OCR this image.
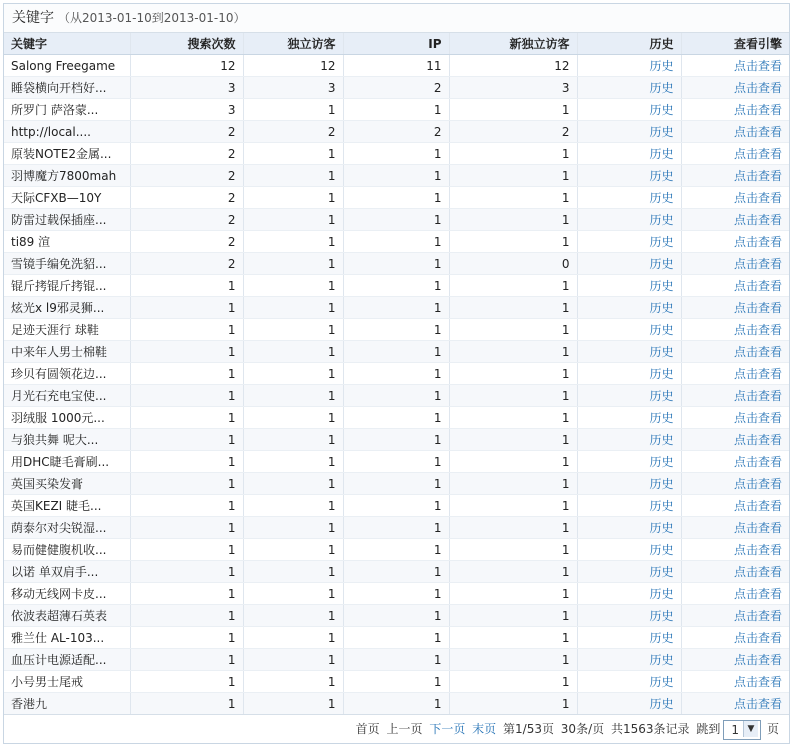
关键字 （从2013-01-10到2013-01-10）
关键字	搜索次数	独立访客	IP	新独立访客	历史	查看引擎
Salong Freegame	12	12	11	12	历史	点击查看
睡袋横向开档好...	3	3	2	3	历史	点击查看
所罗门 萨洛蒙...	3	1	1	1	历史	点击查看
http://local....	2	2	2	2	历史	点击查看
原装NOTE2金属...	2	1	1	1	历史	点击查看
羽博魔方7800mah	2	1	1	1	历史	点击查看
天际CFXB—10Y	2	1	1	1	历史	点击查看
防雷过载保插座...	2	1	1	1	历史	点击查看
ti89 渲	2	1	1	1	历史	点击查看
雪镜手编免洗貂...	2	1	1	0	历史	点击查看
锟斤拷锟斤拷锟...	1	1	1	1	历史	点击查看
炫光x l9邪灵狮...	1	1	1	1	历史	点击查看
足迹天涯行 球鞋	1	1	1	1	历史	点击查看
中来年人男士棉鞋	1	1	1	1	历史	点击查看
珍贝有圆领花边...	1	1	1	1	历史	点击查看
月光石充电宝使...	1	1	1	1	历史	点击查看
羽绒服 1000元...	1	1	1	1	历史	点击查看
与狼共舞 呢大...	1	1	1	1	历史	点击查看
用DHC睫毛膏刷...	1	1	1	1	历史	点击查看
英国买染发膏	1	1	1	1	历史	点击查看
英国KEZI 睫毛...	1	1	1	1	历史	点击查看
荫泰尔对尖锐湿...	1	1	1	1	历史	点击查看
易而健健腹机收...	1	1	1	1	历史	点击查看
以诺 单双肩手...	1	1	1	1	历史	点击查看
移动无线网卡皮...	1	1	1	1	历史	点击查看
依波表超薄石英表	1	1	1	1	历史	点击查看
雅兰仕 AL-103...	1	1	1	1	历史	点击查看
血压计电源适配...	1	1	1	1	历史	点击查看
小号男士尾戒	1	1	1	1	历史	点击查看
香港九	1	1	1	1	历史	点击查看
首页 上一页 下一页 末页 第1/53页 30条/页 共1563条记录 跳到 1 ▼ 页
